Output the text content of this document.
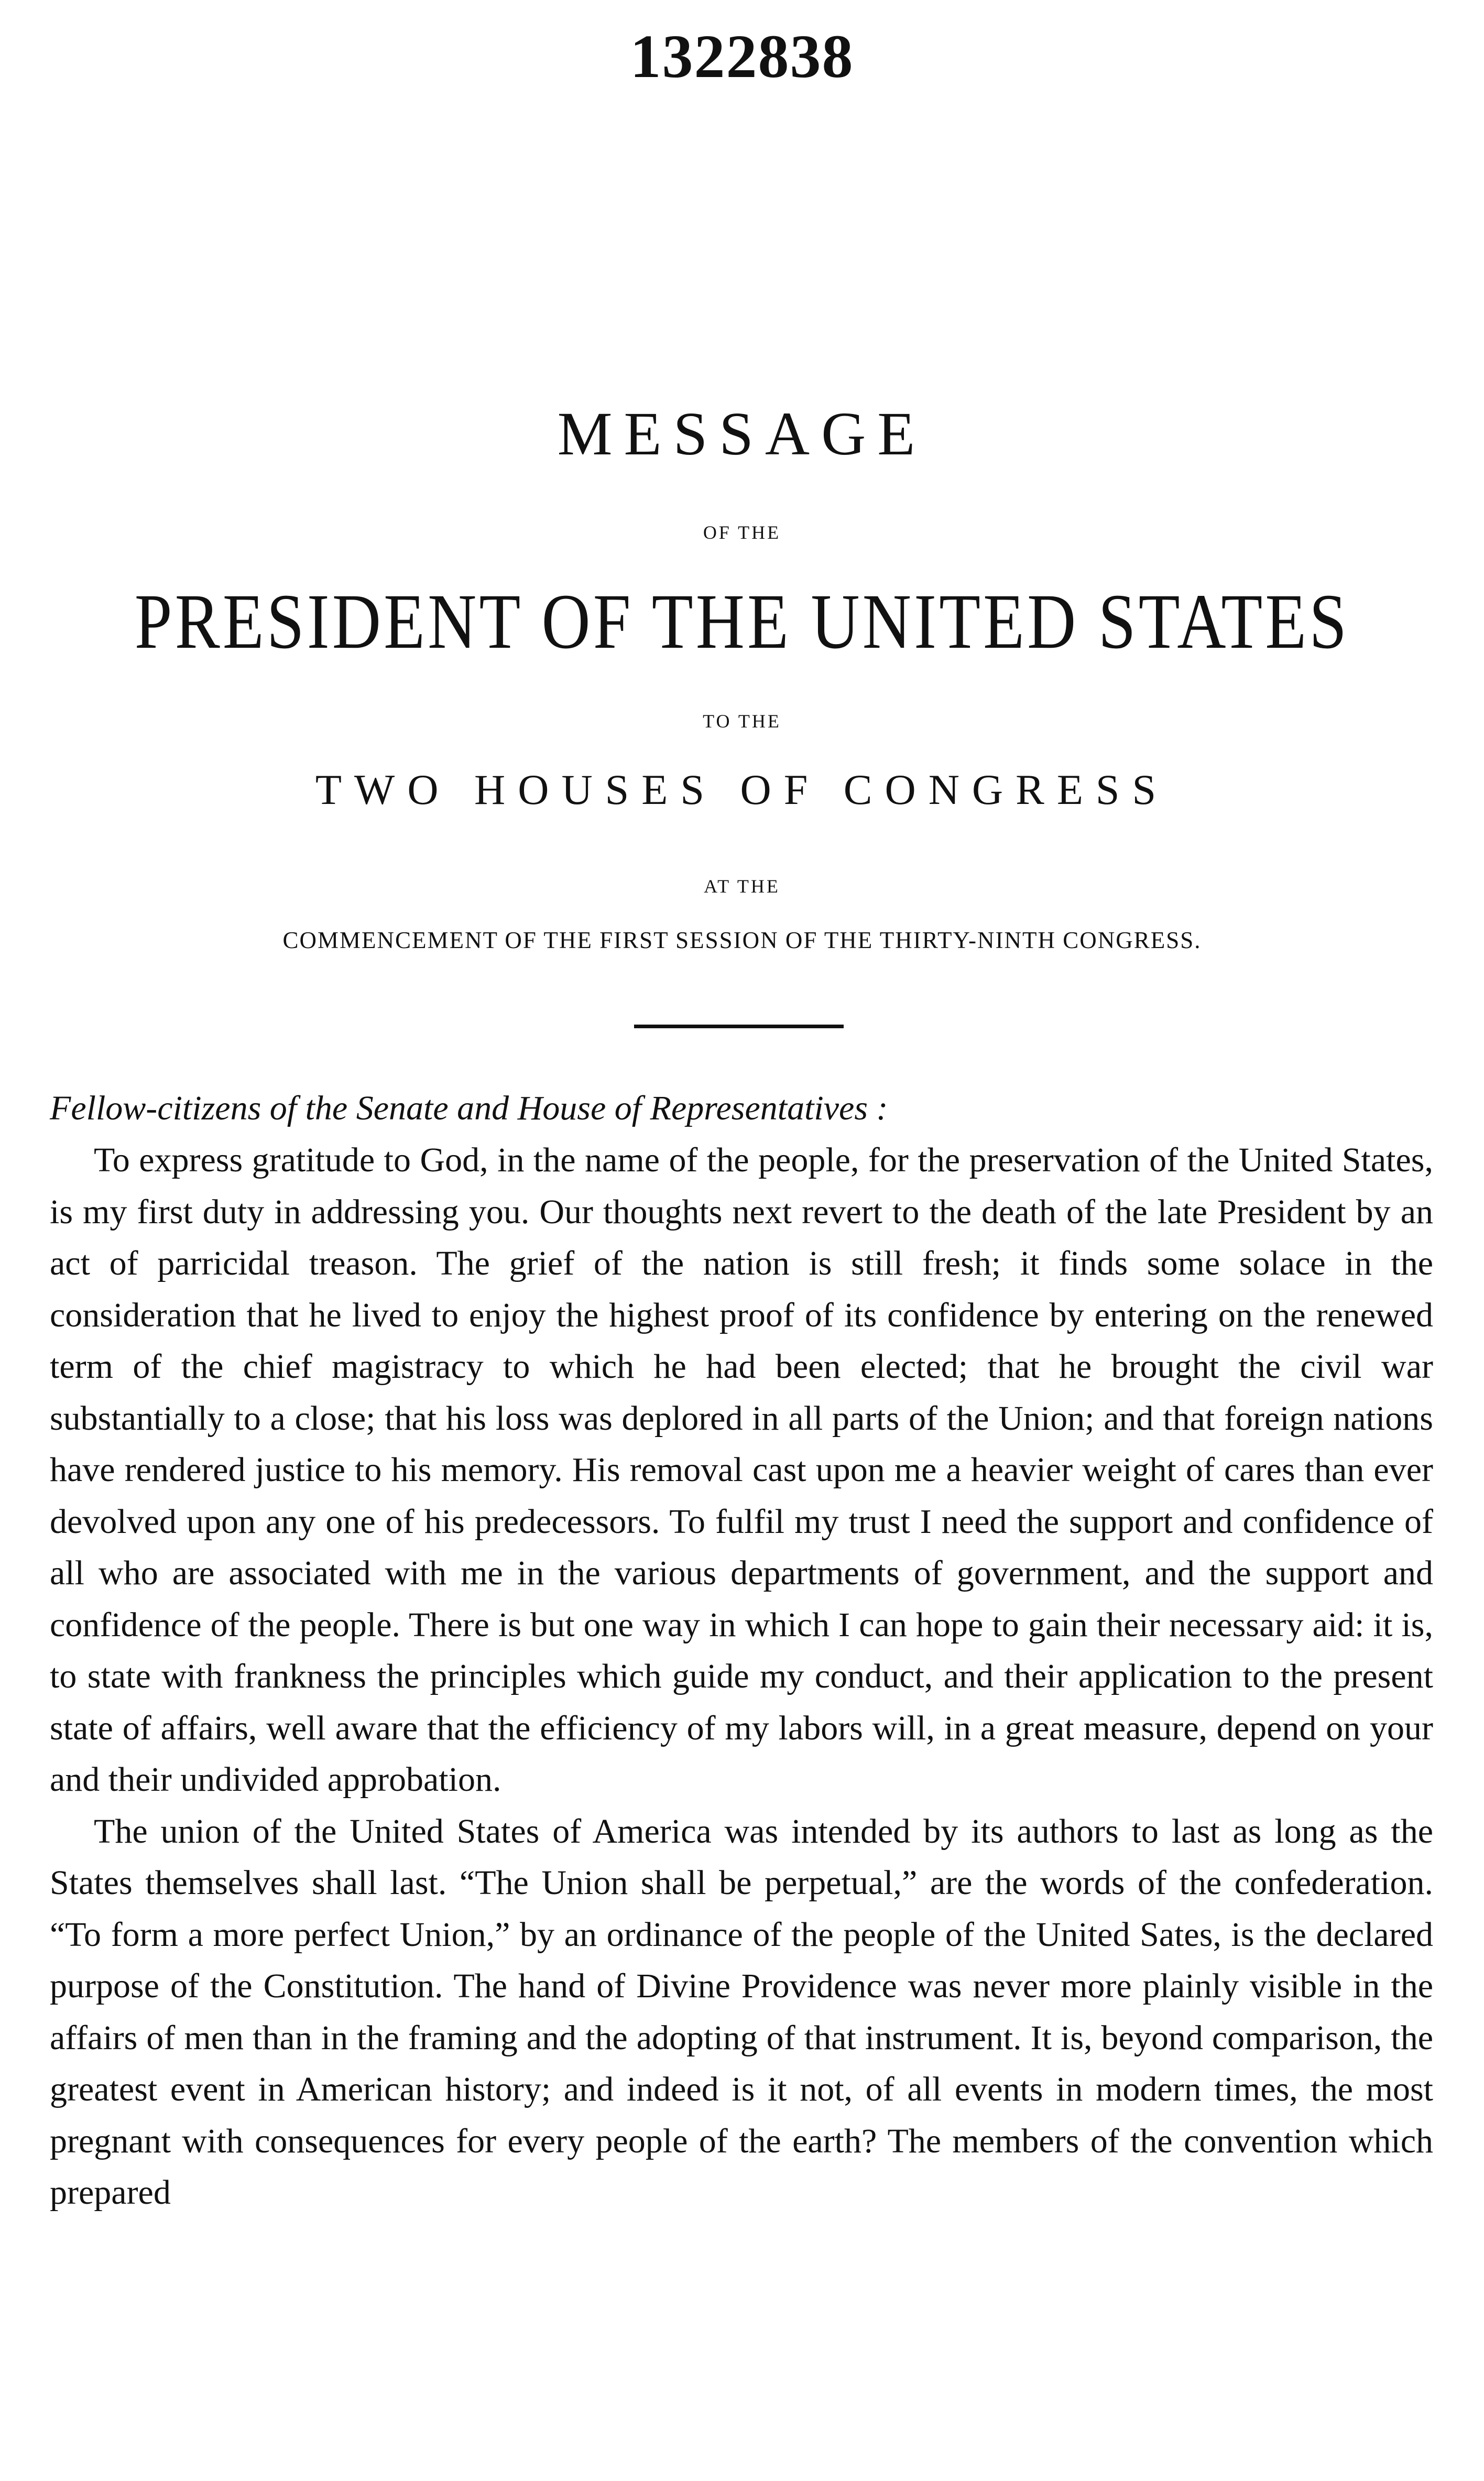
1322838
MESSAGE
OF THE
PRESIDENT OF THE UNITED STATES
TO THE
TWO HOUSES OF CONGRESS
AT THE
COMMENCEMENT OF THE FIRST SESSION OF THE THIRTY-NINTH CONGRESS.
Fellow-citizens of the Senate and House of Representatives :

To express gratitude to God, in the name of the people, for the preservation of the United States, is my first duty in addressing you. Our thoughts next revert to the death of the late President by an act of parricidal treason. The grief of the nation is still fresh; it finds some solace in the consideration that he lived to enjoy the highest proof of its confidence by entering on the renewed term of the chief magistracy to which he had been elected; that he brought the civil war substantially to a close; that his loss was deplored in all parts of the Union; and that foreign nations have rendered justice to his memory. His removal cast upon me a heavier weight of cares than ever devolved upon any one of his predecessors. To fulfil my trust I need the support and confidence of all who are associated with me in the various departments of government, and the support and confidence of the people. There is but one way in which I can hope to gain their necessary aid: it is, to state with frankness the principles which guide my conduct, and their application to the present state of affairs, well aware that the efficiency of my labors will, in a great measure, depend on your and their undivided approbation.

The union of the United States of America was intended by its authors to last as long as the States themselves shall last. “The Union shall be perpetual,” are the words of the confederation. “To form a more perfect Union,” by an ordinance of the people of the United Sates, is the declared purpose of the Constitution. The hand of Divine Providence was never more plainly visible in the affairs of men than in the framing and the adopting of that instrument. It is, beyond comparison, the greatest event in American history; and indeed is it not, of all events in modern times, the most pregnant with consequences for every people of the earth? The members of the convention which prepared
